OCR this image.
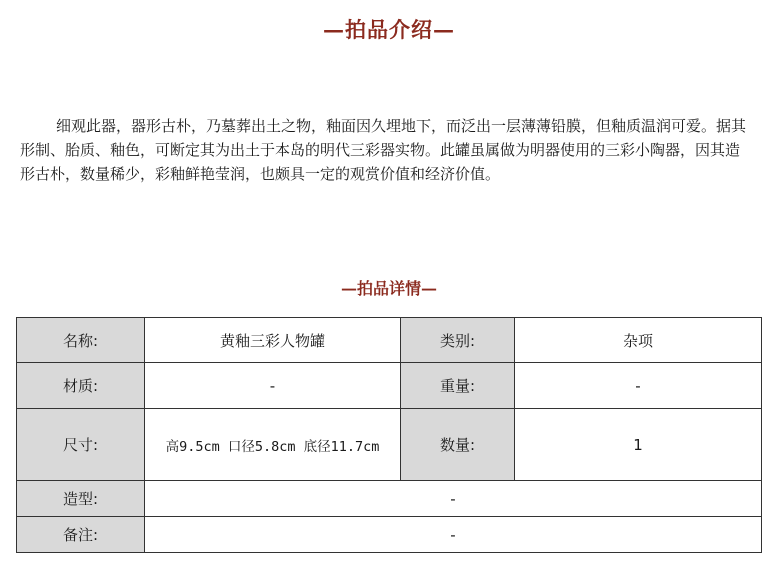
—拍品介绍—

细观此器，器形古朴，乃墓葬出土之物，釉面因久埋地下，而泛出一层薄薄铅膜，但釉质温润可爱。据其形制、胎质、釉色，可断定其为出土于本岛的明代三彩器实物。此罐虽属做为明器使用的三彩小陶器，因其造形古朴，数量稀少，彩釉鲜艳莹润，也颇具一定的观赏价值和经济价值。

—拍品详情—
名称:	黄釉三彩人物罐	类别:	杂项
材质:	-	重量:	-
尺寸:	高9.5cm 口径5.8cm 底径11.7cm	数量:	1
造型:	-		
备注:	-		
